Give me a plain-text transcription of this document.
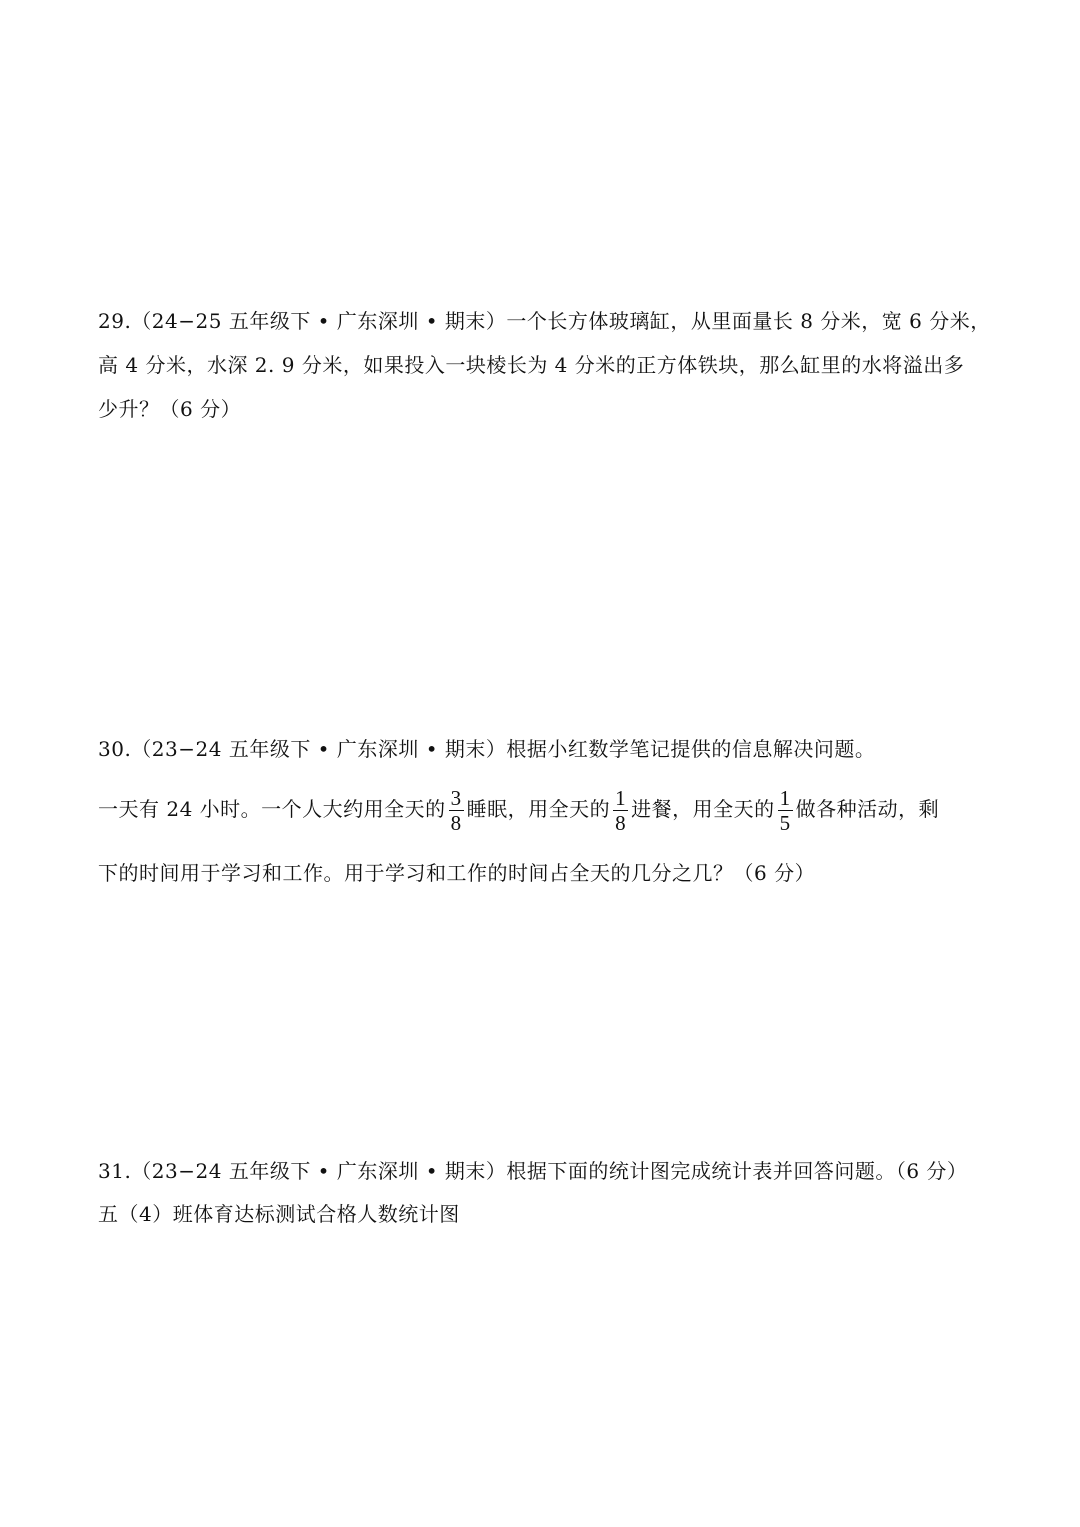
29.（24−25 五年级下 • 广东深圳 • 期末）一个长方体玻璃缸，从里面量长 8 分米，宽 6 分米，
高 4 分米，水深 2. 9 分米，如果投入一块棱长为 4 分米的正方体铁块，那么缸里的水将溢出多
少升？（6 分）
30.（23−24 五年级下 • 广东深圳 • 期末）根据小红数学笔记提供的信息解决问题。
一天有 24 小时。一个人大约用全天的 $\frac{3}{8}$ 睡眠，用全天的 $\frac{1}{8}$ 进餐，用全天的 $\frac{1}{5}$ 做各种活动，剩
下的时间用于学习和工作。用于学习和工作的时间占全天的几分之几？（6 分）
31.（23−24 五年级下 • 广东深圳 • 期末）根据下面的统计图完成统计表并回答问题。（6 分）
五（4）班体育达标测试合格人数统计图
